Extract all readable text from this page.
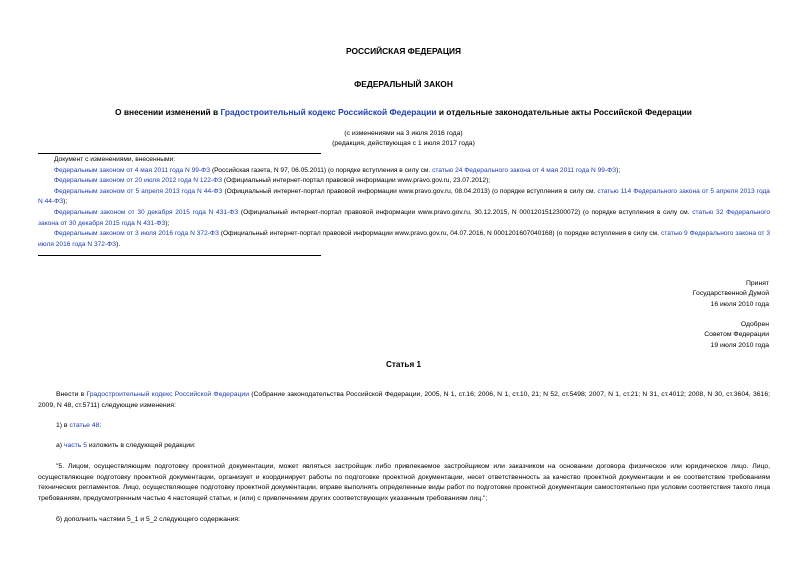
РОССИЙСКАЯ ФЕДЕРАЦИЯ
ФЕДЕРАЛЬНЫЙ ЗАКОН
О внесении изменений в Градостроительный кодекс Российской Федерации и отдельные законодательные акты Российской Федерации
(с изменениями на 3 июля 2016 года)
(редакция, действующая с 1 июля 2017 года)

Документ с изменениями, внесенными:

Федеральным законом от 4 мая 2011 года N 99-ФЗ (Российская газета, N 97, 06.05.2011) (о порядке вступления в силу см. статью 24 Федерального закона от 4 мая 2011 года N 99-ФЗ);

Федеральным законом от 20 июля 2012 года N 122-ФЗ (Официальный интернет-портал правовой информации www.pravo.gov.ru, 23.07.2012);

Федеральным законом от 5 апреля 2013 года N 44-ФЗ (Официальный интернет-портал правовой информации www.pravo.gov.ru, 08.04.2013) (о порядке вступления в силу см. статью 114 Федерального закона от 5 апреля 2013 года N 44-ФЗ);

Федеральным законом от 30 декабря 2015 года N 431-ФЗ (Официальный интернет-портал правовой информации www.pravo.gov.ru, 30.12.2015, N 0001201512300072) (о порядке вступления в силу см. статью 32 Федерального закона от 30 декабря 2015 года N 431-ФЗ);

Федеральным законом от 3 июля 2016 года N 372-ФЗ (Официальный интернет-портал правовой информации www.pravo.gov.ru, 04.07.2016, N 0001201607040168) (о порядке вступления в силу см. статью 9 Федерального закона от 3 июля 2016 года N 372-ФЗ).

Принят
Государственной Думой
16 июля 2010 года
Одобрен
Советом Федерации
19 июля 2010 года
Статья 1

Внести в Градостроительный кодекс Российской Федерации (Собрание законодательства Российской Федерации, 2005, N 1, ст.16; 2006, N 1, ст.10, 21; N 52, ст.5498; 2007, N 1, ст.21; N 31, ст.4012; 2008, N 30, ст.3604, 3616; 2009, N 48, ст.5711) следующие изменения:

1) в статье 48:

а) часть 5 изложить в следующей редакции:

"5. Лицом, осуществляющим подготовку проектной документации, может являться застройщик либо привлекаемое застройщиком или заказчиком на основании договора физическое или юридическое лицо. Лицо, осуществляющее подготовку проектной документации, организует и координирует работы по подготовке проектной документации, несет ответственность за качество проектной документации и ее соответствие требованиям технических регламентов. Лицо, осуществляющее подготовку проектной документации, вправе выполнять определенные виды работ по подготовке проектной документации самостоятельно при условии соответствия такого лица требованиям, предусмотренным частью 4 настоящей статьи, и (или) с привлечением других соответствующих указанным требованиям лиц.";

б) дополнить частями 5_1 и 5_2 следующего содержания:
